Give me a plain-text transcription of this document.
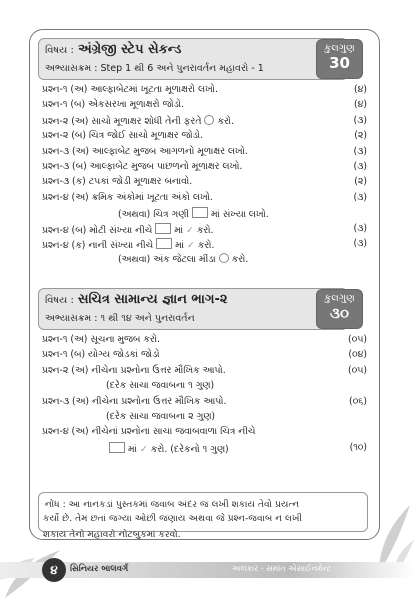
વિષય : અંગ્રેજી સ્ટેપ સેકન્ડ
અભ્યાસક્રમ : Step 1 થી 6 અને પુનરાવર્તન મહાવરો - 1
કુલગુણ
30
પ્રશ્ન-૧ (અ) આલ્ફાબેટમાં ખૂટતા મૂળાક્ષરો લખો.	(૪)
પ્રશ્ન-૧ (બ) એકસરખા મૂળાક્ષરો જોડો.	(૪)
પ્રશ્ન-૨ (અ) સાચો મૂળાક્ષર શોધી તેની ફરતે કરો.	(૩)
પ્રશ્ન-૨ (બ) ચિત્ર જોઈ સાચો મૂળાક્ષર જોડો.	(૨)
પ્રશ્ન-૩ (અ) આલ્ફાબેટ મુજબ આગળનો મૂળાક્ષર લખો.	(૩)
પ્રશ્ન-૩ (બ) આલ્ફાબેટ મુજબ પાછળનો મૂળાક્ષર લખો.	(૩)
પ્રશ્ન-૩ (ક) ટપકાં જોડી મૂળાક્ષર બનાવો.	(૨)
પ્રશ્ન-૪ (અ) ક્રમિક અંકોમાં ખૂટતા અંકો લખો.	(૩)
(અથવા) ચિત્ર ગણી માં સંખ્યા લખો.
પ્રશ્ન-૪ (બ) મોટી સંખ્યા નીચે માં ✓ કરો.	(૩)
પ્રશ્ન-૪ (ક) નાની સંખ્યા નીચે માં ✓ કરો.	(૩)
(અથવા) અંક જેટલા મીંડા કરો.
વિષય : સચિત્ર સામાન્ય જ્ઞાન ભાગ-૨
અભ્યાસક્રમ : ૧ થી ૧૪ અને પુનરાવર્તન
કુલગુણ
૩૦
પ્રશ્ન-૧ (અ) સૂચના મુજબ કરો.	(૦૫)
પ્રશ્ન-૧ (બ) યોગ્ય જોડકાં જોડો	(૦૪)
પ્રશ્ન-૨ (અ) નીચેના પ્રશ્નોના ઉત્તર મૌખિક આપો.	(૦૫)
(દરેક સાચા જવાબના ૧ ગુણ)
પ્રશ્ન-૩ (અ) નીચેના પ્રશ્નોના ઉત્તર મૌખિક આપો.	(૦૬)
(દરેક સાચા જવાબના ૨ ગુણ)
પ્રશ્ન-૪ (અ) નીચેનાં પ્રશ્નોના સાચા જવાબવાળા ચિત્ર નીચે
માં ✓ કરો. (દરેકનો ૧ ગુણ)	(૧૦)
નોંધ : આ નાનકડાં પુસ્તકમાં જવાબ અંદર જ લખી શકાય તેવો પ્રયત્ન
કર્યો છે. તેમ છતાં જગ્યા ઓછી જણાય અથવા જે પ્રશ્ન-જવાબ ન લખી
શકાય તેનો મહાવરો નોટબુકમાં કરવો.
૪	સિનિયર બાલવર્ગ	અલંકાર - સમાંત એસાઈનમેન્ટ
